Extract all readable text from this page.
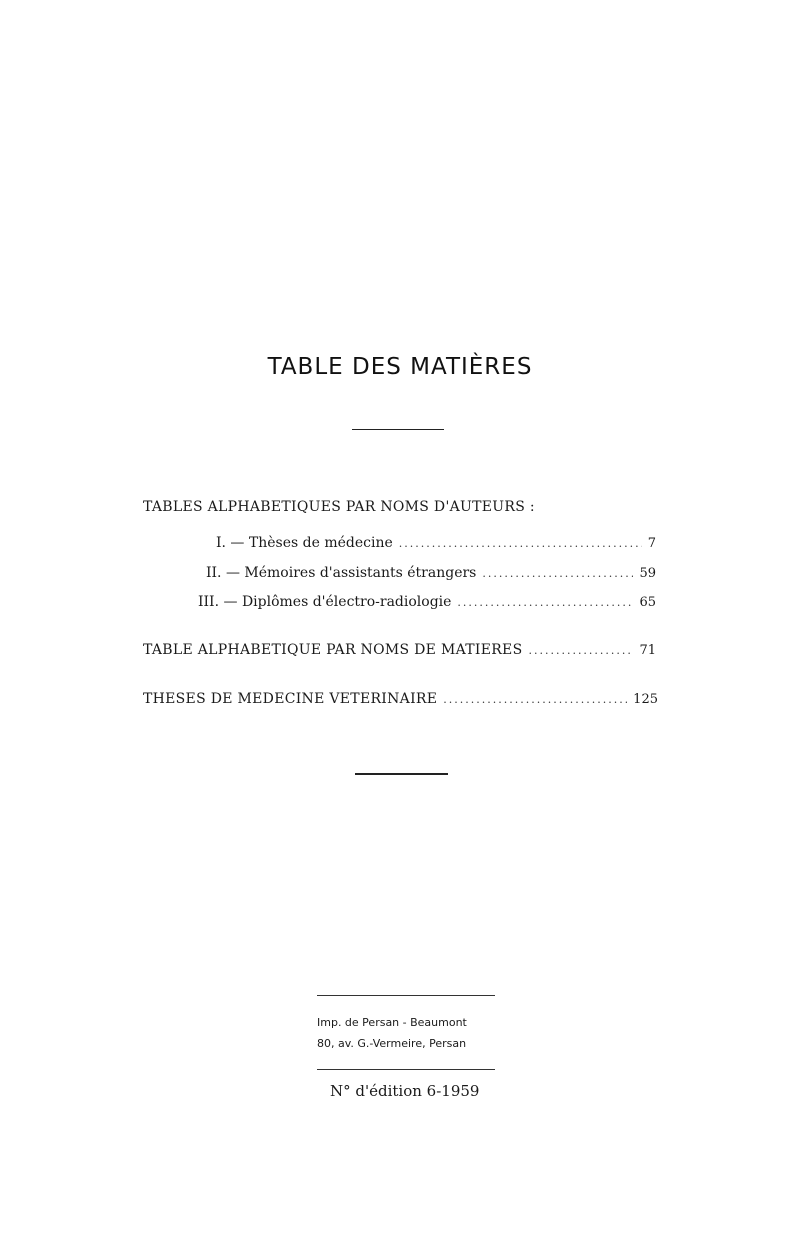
TABLE DES MATIÈRES
TABLES ALPHABETIQUES PAR NOMS D'AUTEURS :
I. — Thèses de médecine .....	7
II. — Mémoires d'assistants étrangers .....	59
III. — Diplômes d'électro-radiologie .....	65
TABLE ALPHABETIQUE PAR NOMS DE MATIERES .....	71
THESES DE MEDECINE VETERINAIRE .....	125
Imp. de Persan - Beaumont
80, av. G.-Vermeire, Persan
N° d'édition 6-1959
